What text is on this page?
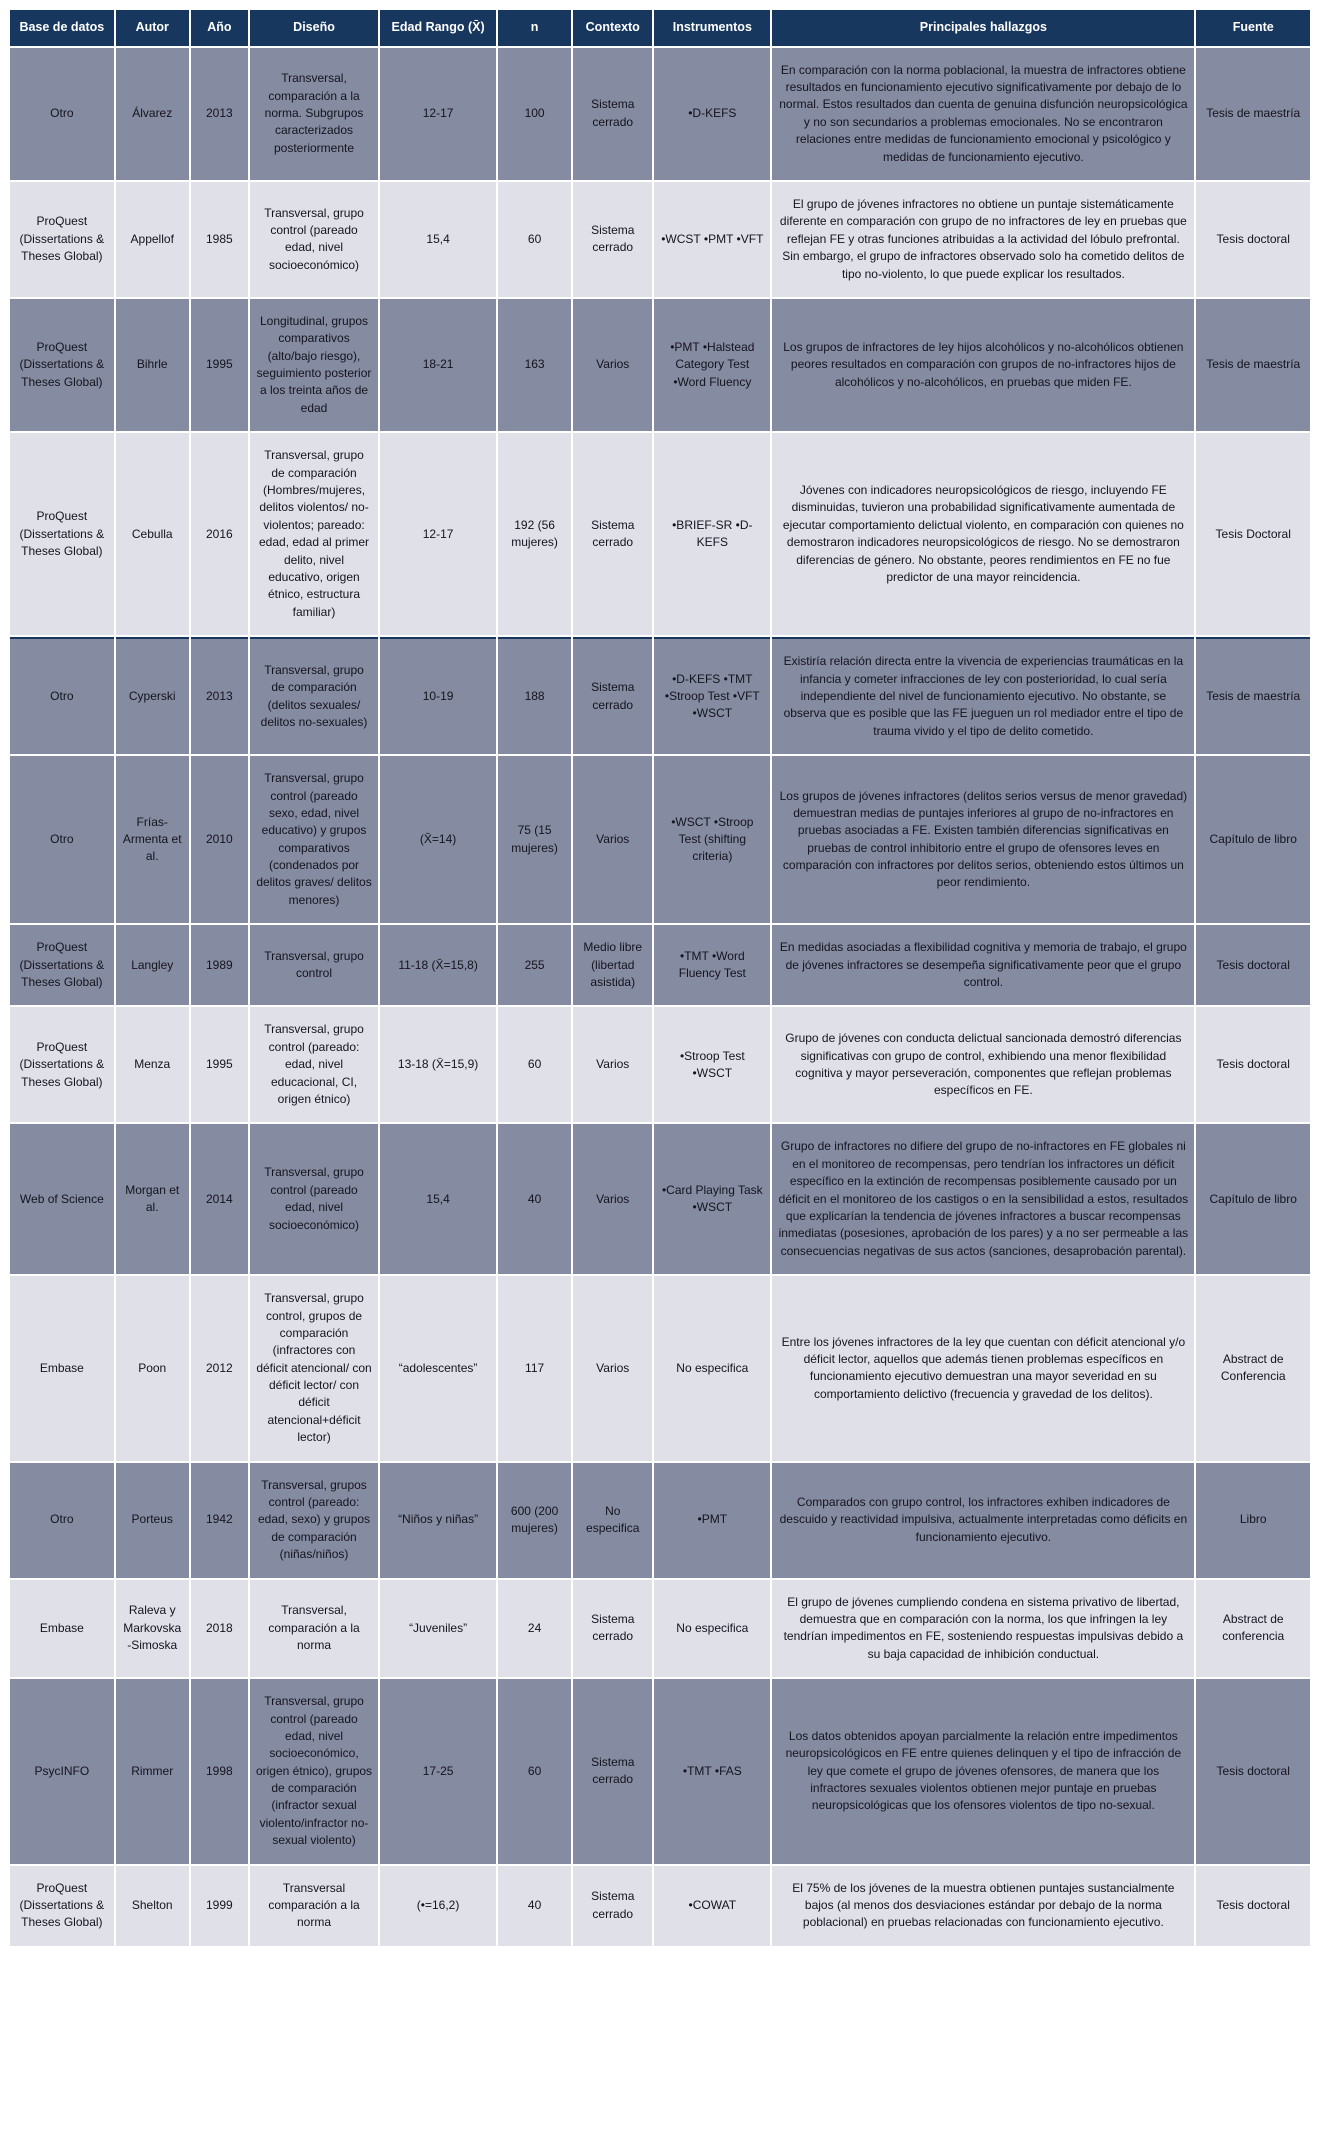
Base de datos	Autor	Año	Diseño	Edad Rango (X̄)	n	Contexto	Instrumentos	Principales hallazgos	Fuente
Otro	Álvarez	2013	Transversal, comparación a la norma. Subgrupos caracterizados posteriormente	12-17	100	Sistema cerrado	•D-KEFS	En comparación con la norma poblacional, la muestra de infractores obtiene resultados en funcionamiento ejecutivo significativamente por debajo de lo normal. Estos resultados dan cuenta de genuina disfunción neuropsicológica y no son secundarios a problemas emocionales. No se encontraron relaciones entre medidas de funcionamiento emocional y psicológico y medidas de funcionamiento ejecutivo.	Tesis de maestría
ProQuest (Dissertations & Theses Global)	Appellof	1985	Transversal, grupo control (pareado edad, nivel socioeconómico)	15,4	60	Sistema cerrado	•WCST •PMT •VFT	El grupo de jóvenes infractores no obtiene un puntaje sistemáticamente diferente en comparación con grupo de no infractores de ley en pruebas que reflejan FE y otras funciones atribuidas a la actividad del lóbulo prefrontal. Sin embargo, el grupo de infractores observado solo ha cometido delitos de tipo no-violento, lo que puede explicar los resultados.	Tesis doctoral
ProQuest (Dissertations & Theses Global)	Bihrle	1995	Longitudinal, grupos comparativos (alto/bajo riesgo), seguimiento posterior a los treinta años de edad	18-21	163	Varios	•PMT •Halstead Category Test •Word Fluency	Los grupos de infractores de ley hijos alcohólicos y no-alcohólicos obtienen peores resultados en comparación con grupos de no-infractores hijos de alcohólicos y no-alcohólicos, en pruebas que miden FE.	Tesis de maestría
ProQuest (Dissertations & Theses Global)	Cebulla	2016	Transversal, grupo de comparación (Hombres/mujeres, delitos violentos/ no-violentos; pareado: edad, edad al primer delito, nivel educativo, origen étnico, estructura familiar)	12-17	192 (56 mujeres)	Sistema cerrado	•BRIEF-SR •D-KEFS	Jóvenes con indicadores neuropsicológicos de riesgo, incluyendo FE disminuidas, tuvieron una probabilidad significativamente aumentada de ejecutar comportamiento delictual violento, en comparación con quienes no demostraron indicadores neuropsicológicos de riesgo. No se demostraron diferencias de género. No obstante, peores rendimientos en FE no fue predictor de una mayor reincidencia.	Tesis Doctoral
Otro	Cyperski	2013	Transversal, grupo de comparación (delitos sexuales/ delitos no-sexuales)	10-19	188	Sistema cerrado	•D-KEFS •TMT •Stroop Test •VFT •WSCT	Existiría relación directa entre la vivencia de experiencias traumáticas en la infancia y cometer infracciones de ley con posterioridad, lo cual sería independiente del nivel de funcionamiento ejecutivo. No obstante, se observa que es posible que las FE jueguen un rol mediador entre el tipo de trauma vivido y el tipo de delito cometido.	Tesis de maestría
Otro	Frías-Armenta et al.	2010	Transversal, grupo control (pareado sexo, edad, nivel educativo) y grupos comparativos (condenados por delitos graves/ delitos menores)	(X̄=14)	75 (15 mujeres)	Varios	•WSCT •Stroop Test (shifting criteria)	Los grupos de jóvenes infractores (delitos serios versus de menor gravedad) demuestran medias de puntajes inferiores al grupo de no-infractores en pruebas asociadas a FE. Existen también diferencias significativas en pruebas de control inhibitorio entre el grupo de ofensores leves en comparación con infractores por delitos serios, obteniendo estos últimos un peor rendimiento.	Capítulo de libro
ProQuest (Dissertations & Theses Global)	Langley	1989	Transversal, grupo control	11-18 (X̄=15,8)	255	Medio libre (libertad asistida)	•TMT •Word Fluency Test	En medidas asociadas a flexibilidad cognitiva y memoria de trabajo, el grupo de jóvenes infractores se desempeña significativamente peor que el grupo control.	Tesis doctoral
ProQuest (Dissertations & Theses Global)	Menza	1995	Transversal, grupo control (pareado: edad, nivel educacional, CI, origen étnico)	13-18 (X̄=15,9)	60	Varios	•Stroop Test •WSCT	Grupo de jóvenes con conducta delictual sancionada demostró diferencias significativas con grupo de control, exhibiendo una menor flexibilidad cognitiva y mayor perseveración, componentes que reflejan problemas específicos en FE.	Tesis doctoral
Web of Science	Morgan et al.	2014	Transversal, grupo control (pareado edad, nivel socioeconómico)	15,4	40	Varios	•Card Playing Task •WSCT	Grupo de infractores no difiere del grupo de no-infractores en FE globales ni en el monitoreo de recompensas, pero tendrían los infractores un déficit específico en la extinción de recompensas posiblemente causado por un déficit en el monitoreo de los castigos o en la sensibilidad a estos, resultados que explicarían la tendencia de jóvenes infractores a buscar recompensas inmediatas (posesiones, aprobación de los pares) y a no ser permeable a las consecuencias negativas de sus actos (sanciones, desaprobación parental).	Capítulo de libro
Embase	Poon	2012	Transversal, grupo control, grupos de comparación (infractores con déficit atencional/ con déficit lector/ con déficit atencional+déficit lector)	“adolescentes”	117	Varios	No especifica	Entre los jóvenes infractores de la ley que cuentan con déficit atencional y/o déficit lector, aquellos que además tienen problemas específicos en funcionamiento ejecutivo demuestran una mayor severidad en su comportamiento delictivo (frecuencia y gravedad de los delitos).	Abstract de Conferencia
Otro	Porteus	1942	Transversal, grupos control (pareado: edad, sexo) y grupos de comparación (niñas/niños)	“Niños y niñas”	600 (200 mujeres)	No especifica	•PMT	Comparados con grupo control, los infractores exhiben indicadores de descuido y reactividad impulsiva, actualmente interpretadas como déficits en funcionamiento ejecutivo.	Libro
Embase	Raleva y Markovska-Simoska	2018	Transversal, comparación a la norma	“Juveniles”	24	Sistema cerrado	No especifica	El grupo de jóvenes cumpliendo condena en sistema privativo de libertad, demuestra que en comparación con la norma, los que infringen la ley tendrían impedimentos en FE, sosteniendo respuestas impulsivas debido a su baja capacidad de inhibición conductual.	Abstract de conferencia
PsycINFO	Rimmer	1998	Transversal, grupo control (pareado edad, nivel socioeconómico, origen étnico), grupos de comparación (infractor sexual violento/infractor no-sexual violento)	17-25	60	Sistema cerrado	•TMT •FAS	Los datos obtenidos apoyan parcialmente la relación entre impedimentos neuropsicológicos en FE entre quienes delinquen y el tipo de infracción de ley que comete el grupo de jóvenes ofensores, de manera que los infractores sexuales violentos obtienen mejor puntaje en pruebas neuropsicológicas que los ofensores violentos de tipo no-sexual.	Tesis doctoral
ProQuest (Dissertations & Theses Global)	Shelton	1999	Transversal comparación a la norma	(•=16,2)	40	Sistema cerrado	•COWAT	El 75% de los jóvenes de la muestra obtienen puntajes sustancialmente bajos (al menos dos desviaciones estándar por debajo de la norma poblacional) en pruebas relacionadas con funcionamiento ejecutivo.	Tesis doctoral
